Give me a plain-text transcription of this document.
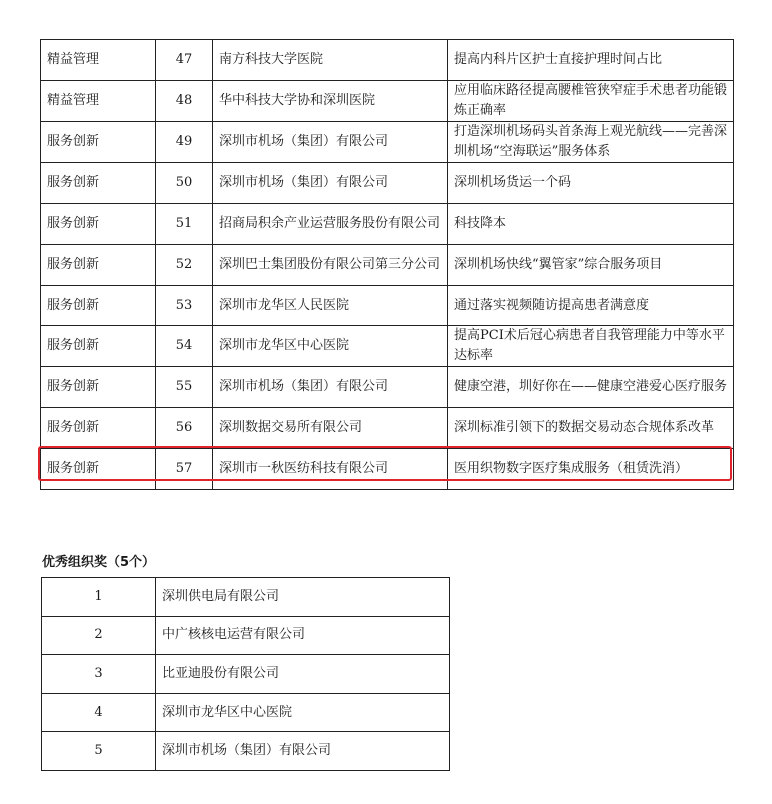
精益管理	47	南方科技大学医院	提高内科片区护士直接护理时间占比
精益管理	48	华中科技大学协和深圳医院	应用临床路径提高腰椎管狭窄症手术患者功能锻炼正确率
服务创新	49	深圳市机场（集团）有限公司	打造深圳机场码头首条海上观光航线——完善深圳机场“空海联运”服务体系
服务创新	50	深圳市机场（集团）有限公司	深圳机场货运一个码
服务创新	51	招商局积余产业运营服务股份有限公司	科技降本
服务创新	52	深圳巴士集团股份有限公司第三分公司	深圳机场快线“翼管家”综合服务项目
服务创新	53	深圳市龙华区人民医院	通过落实视频随访提高患者满意度
服务创新	54	深圳市龙华区中心医院	提高PCI术后冠心病患者自我管理能力中等水平达标率
服务创新	55	深圳市机场（集团）有限公司	健康空港，圳好你在——健康空港爱心医疗服务
服务创新	56	深圳数据交易所有限公司	深圳标准引领下的数据交易动态合规体系改革
服务创新	57	深圳市一秋医纺科技有限公司	医用织物数字医疗集成服务（租赁洗消）
优秀组织奖（5个）
1	深圳供电局有限公司
2	中广核核电运营有限公司
3	比亚迪股份有限公司
4	深圳市龙华区中心医院
5	深圳市机场（集团）有限公司
